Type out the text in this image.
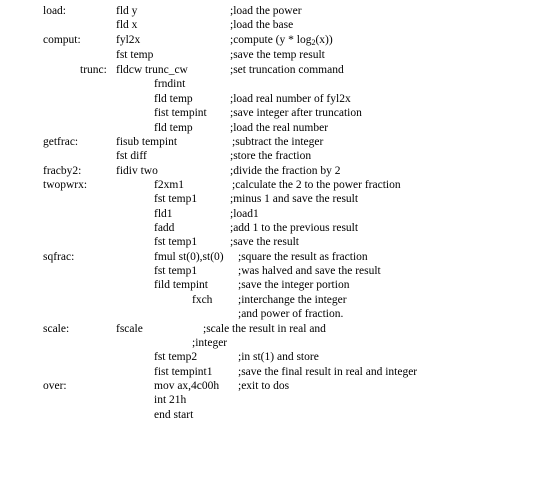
load:	fld y	;load the power
fld x	;load the base
comput:	fyl2x	;compute $(y * \log_2(x))$
fst temp	;save the temp result
trunc: fldcw trunc_cw	;set truncation command
frndint
fld temp	;load real number of fyl2x
fist tempint ;save integer after truncation
fld temp	;load the real number
getfrac:	fisub tempint	;subtract the integer
fst diff	;store the fraction
fracby2:	fidiv two	;divide the fraction by 2
twopwrx:	f2xm1	;calculate the 2 to the power fraction
fst temp1	;minus 1 and save the result
fld1	;load1
fadd	;add 1 to the previous result
fst temp1	;save the result
sqfrac:	fmul st(0),st(0) ;square the result as fraction
fst temp1	;was halved and save the result
fild tempint	;save the integer portion
fxch ;interchange the integer
;and power of fraction.
scale:	fscale	;scale the result in real and
;integer
fst temp2	;in st(1) and store
fist tempint1 ;save the final result in real and integer
over:	mov ax,4c00h ;exit to dos
int 21h
end start
